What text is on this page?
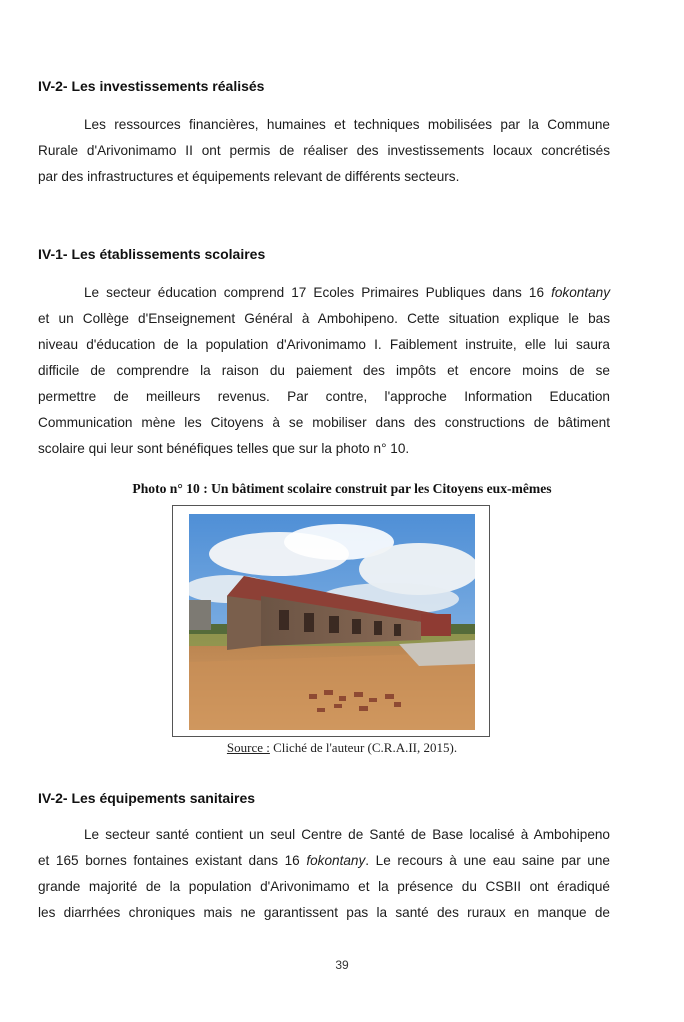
IV-2- Les investissements réalisés
Les ressources financières, humaines et techniques mobilisées par la Commune
Rurale d'Arivonimamo II ont permis de réaliser des investissements locaux concrétisés
par des infrastructures et équipements relevant de différents secteurs.
IV-1- Les établissements scolaires
Le secteur éducation comprend 17 Ecoles Primaires Publiques dans 16 fokontany
et un Collège d'Enseignement Général à Ambohipeno. Cette situation explique le bas
niveau d'éducation de la population d'Arivonimamo I. Faiblement instruite, elle lui saura
difficile de comprendre la raison du paiement des impôts et encore moins de se
permettre de meilleurs revenus. Par contre, l'approche Information Education
Communication mène les Citoyens à se mobiliser dans des constructions de bâtiment
scolaire qui leur sont bénéfiques telles que sur la photo n° 10.
Photo n° 10 : Un bâtiment scolaire construit par les Citoyens eux-mêmes
Source : Cliché de l'auteur (C.R.A.II, 2015).
IV-2- Les équipements sanitaires
Le secteur santé contient un seul Centre de Santé de Base localisé à Ambohipeno
et 165 bornes fontaines existant dans 16 fokontany. Le recours à une eau saine par une
grande majorité de la population d'Arivonimamo et la présence du CSBII ont éradiqué
les diarrhées chroniques mais ne garantissent pas la santé des ruraux en manque de
39
